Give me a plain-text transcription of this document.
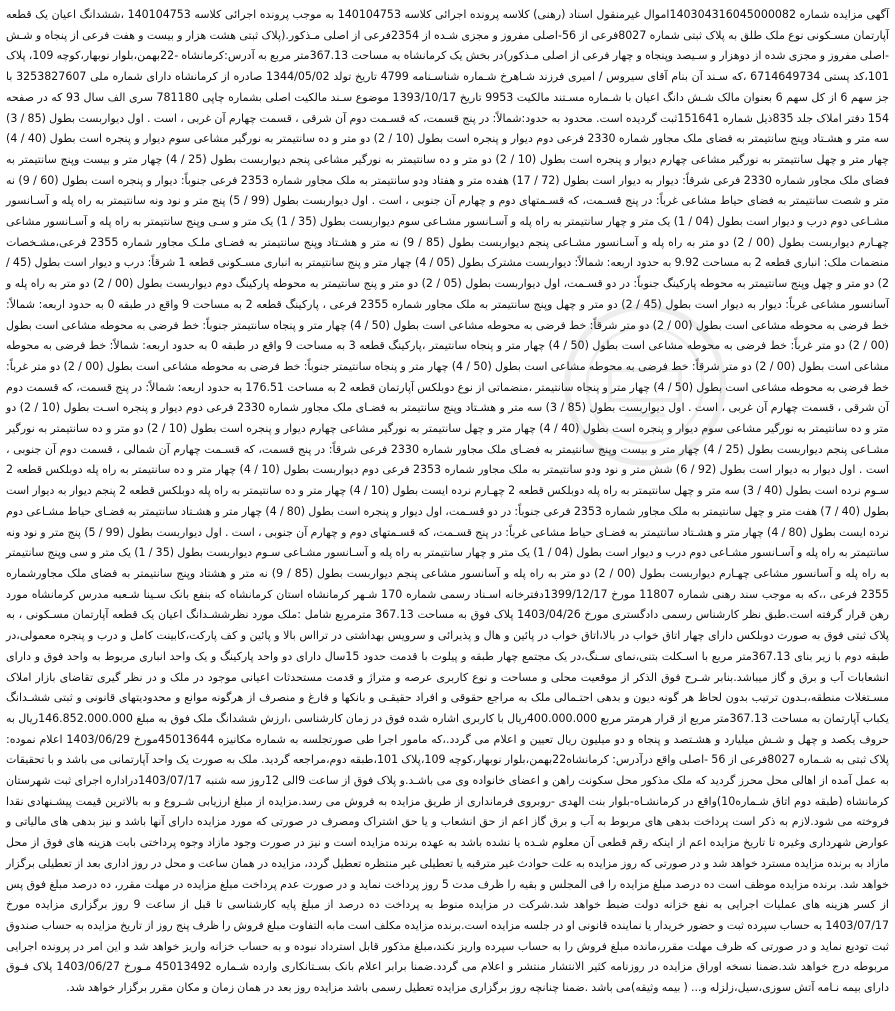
آگهی مزایده شماره 140304316045000082اموال غیرمنقول اسناد (رهنی) کلاسه پرونده اجرائی کلاسه 140104753 به موجب پرونده اجرائی کلاسه 140104753 ،ششدانگ اعیان یک قطعه آپارتمان مسـکونی نوع ملک طلق به پلاک ثبتی شماره 8027فرعی از 56-اصلی مفروز و مجزی شـده از 2354فرعی از اصلی مـذکور.(پلاک ثبتی هشت هزار و بیست و هفت فرعی از پنجاه و شـش -اصلی مفروز و مجزی شده از دوهزار و سـیصد وپنجاه و چهار فرعی از اصلی مـذکور)در بخش یک کرمانشاه به مساحت 367.13متر مربع به آدرس:کرمانشاه -22بهمن،بلوار نوبهار،کوچه 109، پلاک 101،کد پستی 6714649734 ،که سـند آن بنام آقای سیروس / امیری فرزند شـاهرخ شـماره شناسـنامه 4799 تاریخ تولد 1344/05/02 صادره از کرمانشاه دارای شماره ملی 3253827607 با جز سهم 6 از کل سهم 6 بعنوان مالک شـش دانگ اعیان با شـماره مسـتند مالکیت 9953 تاریخ 1393/10/17 موضوع سـند مالکیت اصلی بشماره چاپی 781180 سری الف سال 93 که در صفحه 154 دفتر املاک جلد 835ذیل شماره 151641ثبت گردیده است. محدود به حدود:شمالاً: در پنج قسمت، که قسـمت دوم آن شرقی ، قسمت چهارم آن غربی ، است . اول دیواربست بطول (85 / 3) سه متر و هشـتاد وپنج سانتیمتر به فضای ملک مجاور شماره 2330 فرعی دوم دیوار و پنجره است بطول (10 / 2) دو متر و ده سانتیمتر به نورگیر مشاعی سوم دیوار و پنجره است بطول (40 / 4) چهار متر و چهل سانتیمتر به نورگیر مشاعی چهارم دیوار و پنجره است بطول (10 / 2) دو متر و ده سانتیمتر به نورگیر مشاعی پنجم دیواربست بطول (25 / 4) چهار متر و بیست وپنج سانتیمتر به فضای ملک مجاور شماره 2330 فرعی شرقاً: دیوار به دیوار است بطول (72 / 17) هفده متر و هفتاد ودو سانتیمتر به ملک مجاور شماره 2353 فرعی جنوباً: دیوار و پنجره است بطول (60 / 9) نه متر و شصت سانتیمتر به فضای حیاط مشاعی غرباً: در پنج قسـمت، که قسـمتهای دوم و چهارم آن جنوبی ، است . اول دیواربست بطول (99 / 5) پنج متر و نود ونه سانتیمتر به راه پله و آسـانسور مشـاعی دوم درب و دیوار است بطول (04 / 1) یک متر و چهار سانتیمتر به راه پله و آسـانسور مشـاعی سوم دیواربست بطول (35 / 1) یک متر و سـی وپنج سانتیمتر به راه پله و آسـانسور مشاعی چهـارم دیواربست بطول (00 / 2) دو متر به راه پله و آسـانسور مشـاعی پنجم دیواربست بطول (85 / 9) نه متر و هشـتاد وپنج سانتیمتر به فضـای ملـک مجاور شماره 2355 فرعی،مشـخصات منضمات ملک: انباری قطعه 2 به مساحت 9.92 به حدود اربعه: شمالاً: دیواربست مشترک بطول (05 / 4) چهار متر و پنج سانتیمتر به انباری مسـکونی قطعه 1 شرقاً: درب و دیوار است بطول (45 / 2) دو متر و چهل وپنج سانتیمتر به محوطه پارکینگ جنوباً: در دو قسـمت، اول دیواربست بطول (05 / 2) دو متر و پنج سانتیمتر به محوطه پارکینگ دوم دیواربست بطول (00 / 2) دو متر به راه پله و آسانسور مشاعی غرباً: دیوار به دیوار است بطول (45 / 2) دو متر و چهل وپنج سانتیمتر به ملک مجاور شماره 2355 فرعی ، پارکینگ قطعه 2 به مساحت 9 واقع در طبقه 0 به حدود اربعه: شمالاً: خط فرضی به محوطه مشاعی است بطول (00 / 2) دو متر شرقاً: خط فرضی به محوطه مشاعی است بطول (50 / 4) چهار متر و پنجاه سانتیمتر جنوباً: خط فرضی به محوطه مشاعی است بطول (00 / 2) دو متر غرباً: خط فرضی به محوطه مشاعی است بطول (50 / 4) چهار متر و پنجاه سانتیمتر ،پارکینگ قطعه 3 به مساحت 9 واقع در طبقه 0 به حدود اربعه: شمالاً: خط فرضی به محوطه مشاعی است بطول (00 / 2) دو متر شرقاً: خط فرضی به محوطه مشاعی است بطول (50 / 4) چهار متر و پنجاه سانتیمتر جنوباً: خط فرضی به محوطه مشاعی است بطول (00 / 2) دو متر غرباً: خط فرضی به محوطه مشاعی است بطول (50 / 4) چهار متر و پنجاه سانتیمتر ،منضماتی از نوع دوبلکس آپارتمان قطعه 2 به مساحت 176.51 به حدود اربعه: شمالاً: در پنج قسمت، که قسمت دوم آن شرقی ، قسمت چهارم آن غربی ، است . اول دیواربست بطول (85 / 3) سه متر و هشـتاد وپنج سانتیمتر به فضـای ملک مجاور شماره 2330 فرعی دوم دیوار و پنجره اسـت بطول (10 / 2) دو متر و ده سانتیمتر به نورگیر مشاعی سوم دیوار و پنجره است بطول (40 / 4) چهار متر و چهل سانتیمتر به نورگیر مشاعی چهارم دیوار و پنجره است بطول (10 / 2) دو متر و ده سانتیمتر به نورگیر مشـاعی پنجم دیواربست بطول (25 / 4) چهار متر و بیست وپنج سانتیمتر به فضـای ملک مجاور شماره 2330 فرعی شرقاً: در پنج قسمت، که قسـمت چهارم آن شمالی ، قسمت دوم آن جنوبی ، است . اول دیوار به دیوار است بطول (92 / 6) شش متر و نود ودو سانتیمتر به ملک مجاور شماره 2353 فرعی دوم دیواربست بطول (10 / 4) چهار متر و ده سانتیمتر به راه پله دوبلکس قطعه 2 سـوم نرده است بطول (40 / 3) سه متر و چهل سانتیمتر به راه پله دوبلکس قطعه 2 چهـارم نرده ایست بطول (10 / 4) چهار متر و ده سانتیمتر به راه پله دوبلکس قطعه 2 پنجم دیوار به دیوار است بطول (40 / 7) هفت متر و چهل سانتیمتر به ملک مجاور شماره 2353 فرعی جنوباً: در دو قسـمت، اول دیوار و پنجره است بطول (80 / 4) چهار متر و هشـتاد سانتیمتر به فضـای حیاط مشـاعی دوم نرده ایست بطول (80 / 4) چهار متر و هشـتاد سانتیمتر به فضـای حیاط مشاعی غرباً: در پنج قسـمت، که قسـمتهای دوم و چهارم آن جنوبی ، است . اول دیواربست بطول (99 / 5) پنج متر و نود ونه سانتیمتر به راه پله و آسـانسور مشـاعی دوم درب و دیوار است بطول (04 / 1) یک متر و چهار سانتیمتر به راه پله و آسـانسور مشـاعی سـوم دیواربست بطول (35 / 1) یک متر و سی وپنج سانتیمتر به راه پله و آسانسور مشاعی چهـارم دیواربست بطول (00 / 2) دو متر به راه پله و آسانسور مشاعی پنجم دیواربست بطول (85 / 9) نه متر و هشتاد وپنج سانتیمتر به فضای ملک مجاورشماره 2355 فرعی ،،که به موجب سند رهنی شماره 11807 مورخ 1399/12/17دفترخانه اسـناد رسمی شماره 170 شـهر کرمانشاه استان کرمانشاه که بنفع بانک سـینا شـعبه مدرس کرمانشاه مورد رهن قرار گرفته است.طبق نظر کارشناس رسمی دادگستری مورخ 1403/04/26 پلاک فوق به مساحت 367.13 مترمربع شامل :ملک مورد نظرششـدانگ اعیان یک قطعه آپارتمان مسـکونی ، به پلاک ثبتی فوق به صورت دوبلکس دارای چهار اتاق خواب در بالا،اتاق خواب در پائین و هال و پذیرائی و سرویس بهداشتی در ترااس بالا و پائین و کف پارکت،کابینت کامل و درب و پنجره معمولی،در طبقه دوم با زیر بنای 367.13متر مربع با اسـکلت بتنی،نمای سـنگ،در یک مجتمع چهار طبقه و پیلوت با قدمت حدود 15سال دارای دو واحد پارکینگ و یک واحد انباری مربوط به واحد فوق و دارای انشعابات آب و برق و گاز میباشد.بنابر شـرح فوق الذکر از موقعیت محلی و مساحت و نوع کاربری عرصه و متراژ و قدمت مستحدثات اعیانی موجود در ملک و در نظر گیری تقاضای بازار املاک مسـتغلات منطقه،بـدون ترتیب بدون لحاظ هر گونه دیون و بدهی احتـمالی ملک به مراجع حقوقی و افراد حقیقـی و بانکها و فارغ و منصرف از هرگونه موانع و محدودیتهای قانونی و ثبتی ششـدانگ یکباب آپارتمان به مساحت 367.13متر مربع از قرار هرمتر مربع 400.000.000ریال با کاربری اشاره شده فوق در زمان کارشناسی ،ارزش ششدانگ ملک فوق به مبلغ 146.852.000.000ریال به حروف یکصد و چهل و شـش میلیارد و هشـتصد و پنجاه و دو میلیون ریال تعیین و اعلام می گردد.،که مامور اجرا طی صورتجلسه به شماره مکانیزه 45013644مورخ 1403/06/29 اعلام نموده: پلاک ثبتی به شـماره 8027فرعی از 56 -اصلی واقع درآدرس: کرمانشاه22بهمن،بلوار نوبهار،کوچه 109،پلاک 101،طبقه دوم،مراجعه گردید. ملک به صورت یک واحد آپارتمانی می باشد و با تحقیقات به عمل آمده از اهالی محل محرز گردید که ملک مذکور محل سکونت راهن و اعضای خانواده وی می باشـد.و پلاک فوق از ساعت 9الی 12روز سه شنبه 1403/07/17دراداره اجرای ثبت شهرستان کرمانشاه (طبقه دوم اتاق شـماره10)واقع در کرمانشـاه-بلوار بنت الهدی -روبروی فرمانداری از طریق مزایده به فروش می رسد.مزایده از مبلغ ارزیابی شـروع و به بالاترین قیمت پیشـنهادی نقدا فروخته می شود.لازم به ذکر است پرداخت بدهی های مربوط به آب و برق گاز اعم از حق انشعاب و یا حق اشتراک ومصرف در صورتی که مورد مزایده دارای آنها باشد و نیز بدهی های مالیاتی و عوارض شهرداری وغیره تا تاریخ مزایده اعم از اینکه رقم قطعی آن معلوم شـده یا نشده باشد به عهده برنده مزایده است و نیز در صورت وجود مازاد وجوه پرداختی بابت هزینه های فوق از محل مازاد به برنده مزایده مسترد خواهد شد و در صورتی که روز مزایده به علت حوادث غیر مترقبه یا تعطیلی غیر منتظره تعطیل گردد، مزایده در همان ساعت و محل در روز اداری بعد از تعطیلی برگزار خواهد شد. برنده مزایده موظف است ده درصد مبلغ مزایده را فی المجلس و بقیه را ظرف مدت 5 روز پرداخت نماید و در صورت عدم پرداخت مبلغ مزایده در مهلت مقرر، ده درصد مبلغ فوق پس از کسر هزینه های عملیات اجرایی به نفع خزانه دولت ضبط خواهد شد.شرکت در مزایده منوط به پرداخت ده درصد از مبلغ پایه کارشناسی تا قبل از ساعت 9 روز برگزاری مزایده مورخ 1403/07/17 به حساب سپرده ثبت و حضور خریدار یا نماینده قانونی او در جلسه مزایده است.برنده مزایده مکلف است مابه التفاوت مبلغ فروش را ظرف پنج روز از تاریخ مزایده به حساب صندوق ثبت تودیع نماید و در صورتی که ظرف مهلت مقرر،مانده مبلغ فروش را به حساب سپرده واریز نکند،مبلغ مذکور قابل استرداد نبوده و به حساب خزانه واریز خواهد شد و این امر در پرونده اجرایی مربوطه درج خواهد شد.ضمنا نسخه اوراق مزایده در روزنامه کثیر الانتشار منتشر و اعلام می گردد.ضمنا برابر اعلام بانک بسـتانکاری وارده شـماره 45013492 مـورخ 1403/06/27 پلاک فـوق دارای بیمه نـامه آتش سوزی،سیل،زلزله و... ( بیمه وثیقه)می باشد .ضمنا چنانچه روز برگزاری مزایده تعطیل رسمی باشد مزایده روز بعد در همان زمان و مکان مقرر برگزار خواهد شد.
